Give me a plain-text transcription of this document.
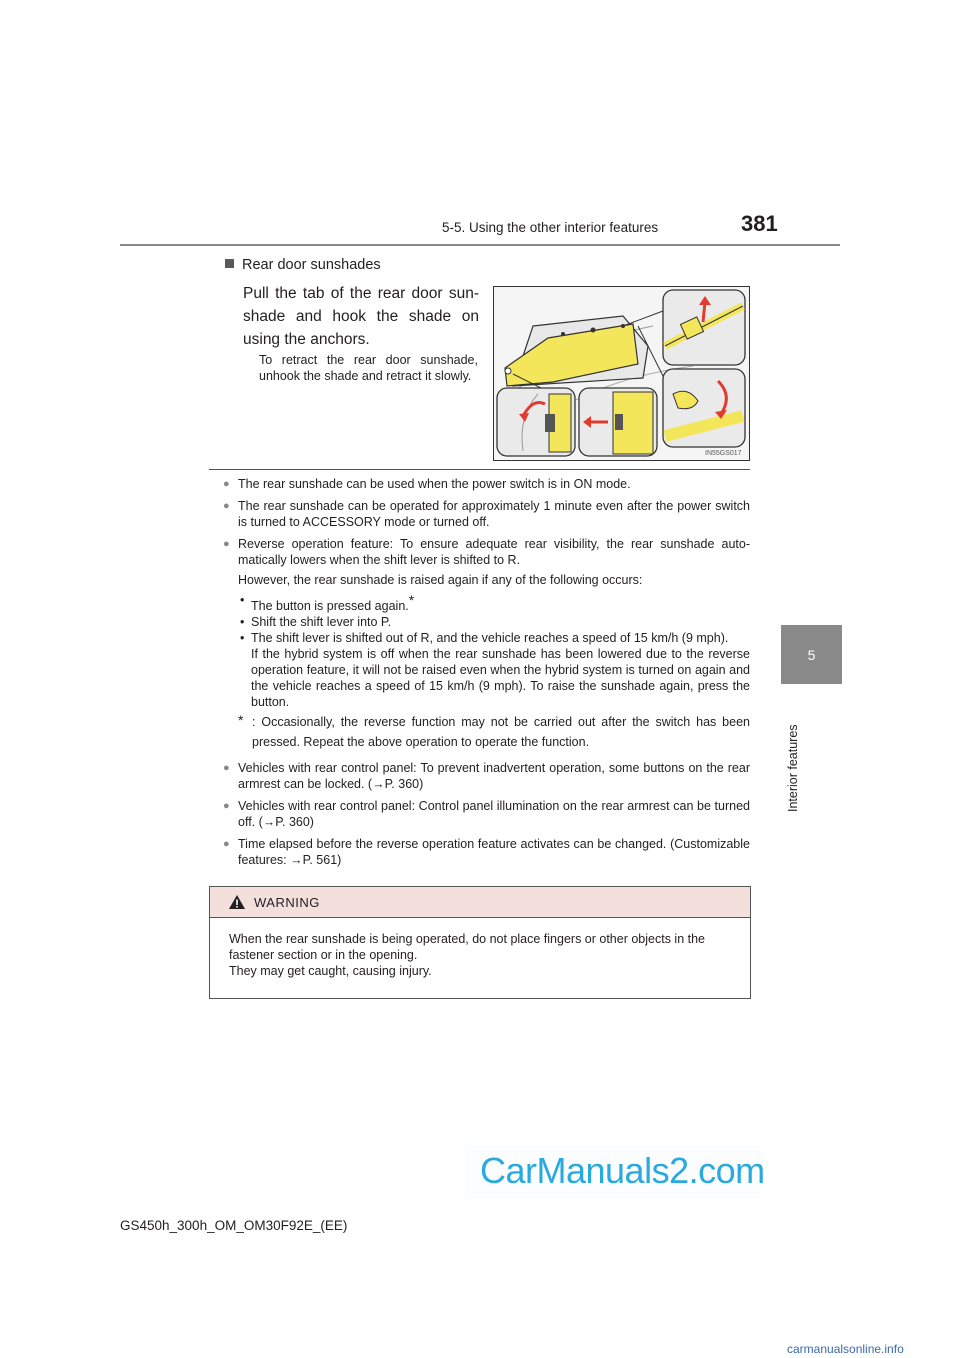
5-5. Using the other interior features	381
5
Interior features
Rear door sunshades
Pull the tab of the rear door sun-shade and hook the shade on using the anchors.
To retract the rear door sunshade, unhook the shade and retract it slowly.
IN55GS017
● The rear sunshade can be used when the power switch is in ON mode.
● The rear sunshade can be operated for approximately 1 minute even after the power switch is turned to ACCESSORY mode or turned off.
● Reverse operation feature: To ensure adequate rear visibility, the rear sunshade auto-matically lowers when the shift lever is shifted to R.
However, the rear sunshade is raised again if any of the following occurs:
• The button is pressed again.*
• Shift the shift lever into P.
• The shift lever is shifted out of R, and the vehicle reaches a speed of 15 km/h (9 mph).
If the hybrid system is off when the rear sunshade has been lowered due to the reverse operation feature, it will not be raised even when the hybrid system is turned on again and the vehicle reaches a speed of 15 km/h (9 mph). To raise the sunshade again, press the button.
* : Occasionally, the reverse function may not be carried out after the switch has been pressed. Repeat the above operation to operate the function.
● Vehicles with rear control panel: To prevent inadvertent operation, some buttons on the rear armrest can be locked. (→P. 360)
● Vehicles with rear control panel: Control panel illumination on the rear armrest can be turned off. (→P. 360)
● Time elapsed before the reverse operation feature activates can be changed. (Customizable features: →P. 561)
WARNING
When the rear sunshade is being operated, do not place fingers or other objects in the fastener section or in the opening.
They may get caught, causing injury.
GS450h_300h_OM_OM30F92E_(EE)
CarManuals2.com
carmanualsonline.info
